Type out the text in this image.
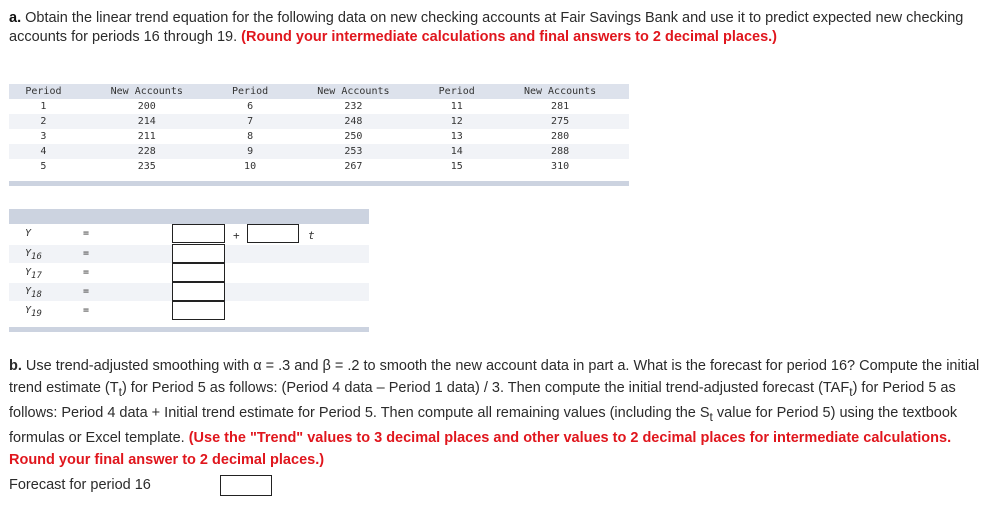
a. Obtain the linear trend equation for the following data on new checking accounts at Fair Savings Bank and use it to predict expected new checking accounts for periods 16 through 19. (Round your intermediate calculations and final answers to 2 decimal places.)
Period	New Accounts	Period	New Accounts	Period	New Accounts
1	200	6	232	11	281
2	214	7	248	12	275
3	211	8	250	13	280
4	228	9	253	14	288
5	235	10	267	15	310
Y	=	+	t
$Y_{16}$	=
$Y_{17}$	=
$Y_{18}$	=
$Y_{19}$	=
b. Use trend-adjusted smoothing with α = .3 and β = .2 to smooth the new account data in part a. What is the forecast for period 16? Compute the initial trend estimate $(T_t)$ for Period 5 as follows: (Period 4 data – Period 1 data) / 3. Then compute the initial trend-adjusted forecast $(TAF_t)$ for Period 5 as follows: Period 4 data + Initial trend estimate for Period 5. Then compute all remaining values (including the $S_t$ value for Period 5) using the textbook formulas or Excel template. (Use the "Trend" values to 3 decimal places and other values to 2 decimal places for intermediate calculations. Round your final answer to 2 decimal places.)
Forecast for period 16
